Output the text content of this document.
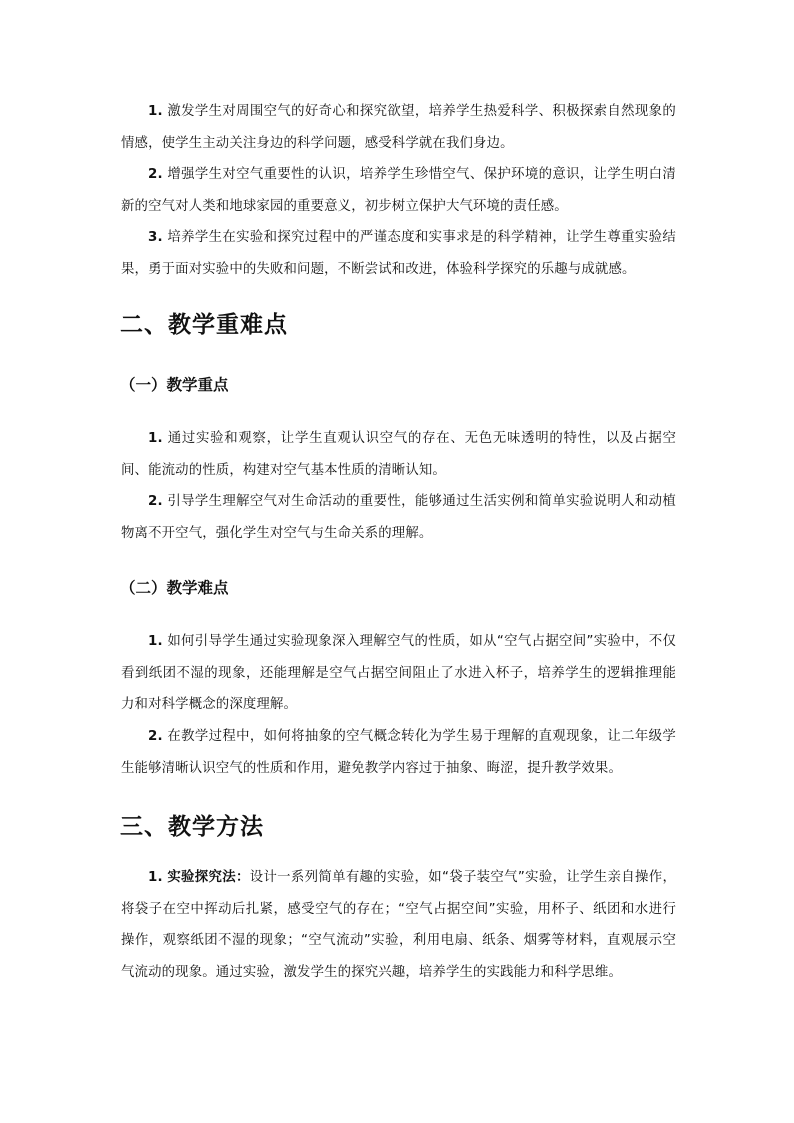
1. 激发学生对周围空气的好奇心和探究欲望，培养学生热爱科学、积极探索自然现象的情感，使学生主动关注身边的科学问题，感受科学就在我们身边。

2. 增强学生对空气重要性的认识，培养学生珍惜空气、保护环境的意识，让学生明白清新的空气对人类和地球家园的重要意义，初步树立保护大气环境的责任感。

3. 培养学生在实验和探究过程中的严谨态度和实事求是的科学精神，让学生尊重实验结果，勇于面对实验中的失败和问题，不断尝试和改进，体验科学探究的乐趣与成就感。

二、教学重难点
（一）教学重点

1. 通过实验和观察，让学生直观认识空气的存在、无色无味透明的特性，以及占据空间、能流动的性质，构建对空气基本性质的清晰认知。

2. 引导学生理解空气对生命活动的重要性，能够通过生活实例和简单实验说明人和动植物离不开空气，强化学生对空气与生命关系的理解。

（二）教学难点

1. 如何引导学生通过实验现象深入理解空气的性质，如从“空气占据空间”实验中，不仅看到纸团不湿的现象，还能理解是空气占据空间阻止了水进入杯子，培养学生的逻辑推理能力和对科学概念的深度理解。

2. 在教学过程中，如何将抽象的空气概念转化为学生易于理解的直观现象，让二年级学生能够清晰认识空气的性质和作用，避免教学内容过于抽象、晦涩，提升教学效果。

三、教学方法

1. 实验探究法：设计一系列简单有趣的实验，如“袋子装空气”实验，让学生亲自操作，将袋子在空中挥动后扎紧，感受空气的存在；“空气占据空间”实验，用杯子、纸团和水进行操作，观察纸团不湿的现象；“空气流动”实验，利用电扇、纸条、烟雾等材料，直观展示空气流动的现象。通过实验，激发学生的探究兴趣，培养学生的实践能力和科学思维。
